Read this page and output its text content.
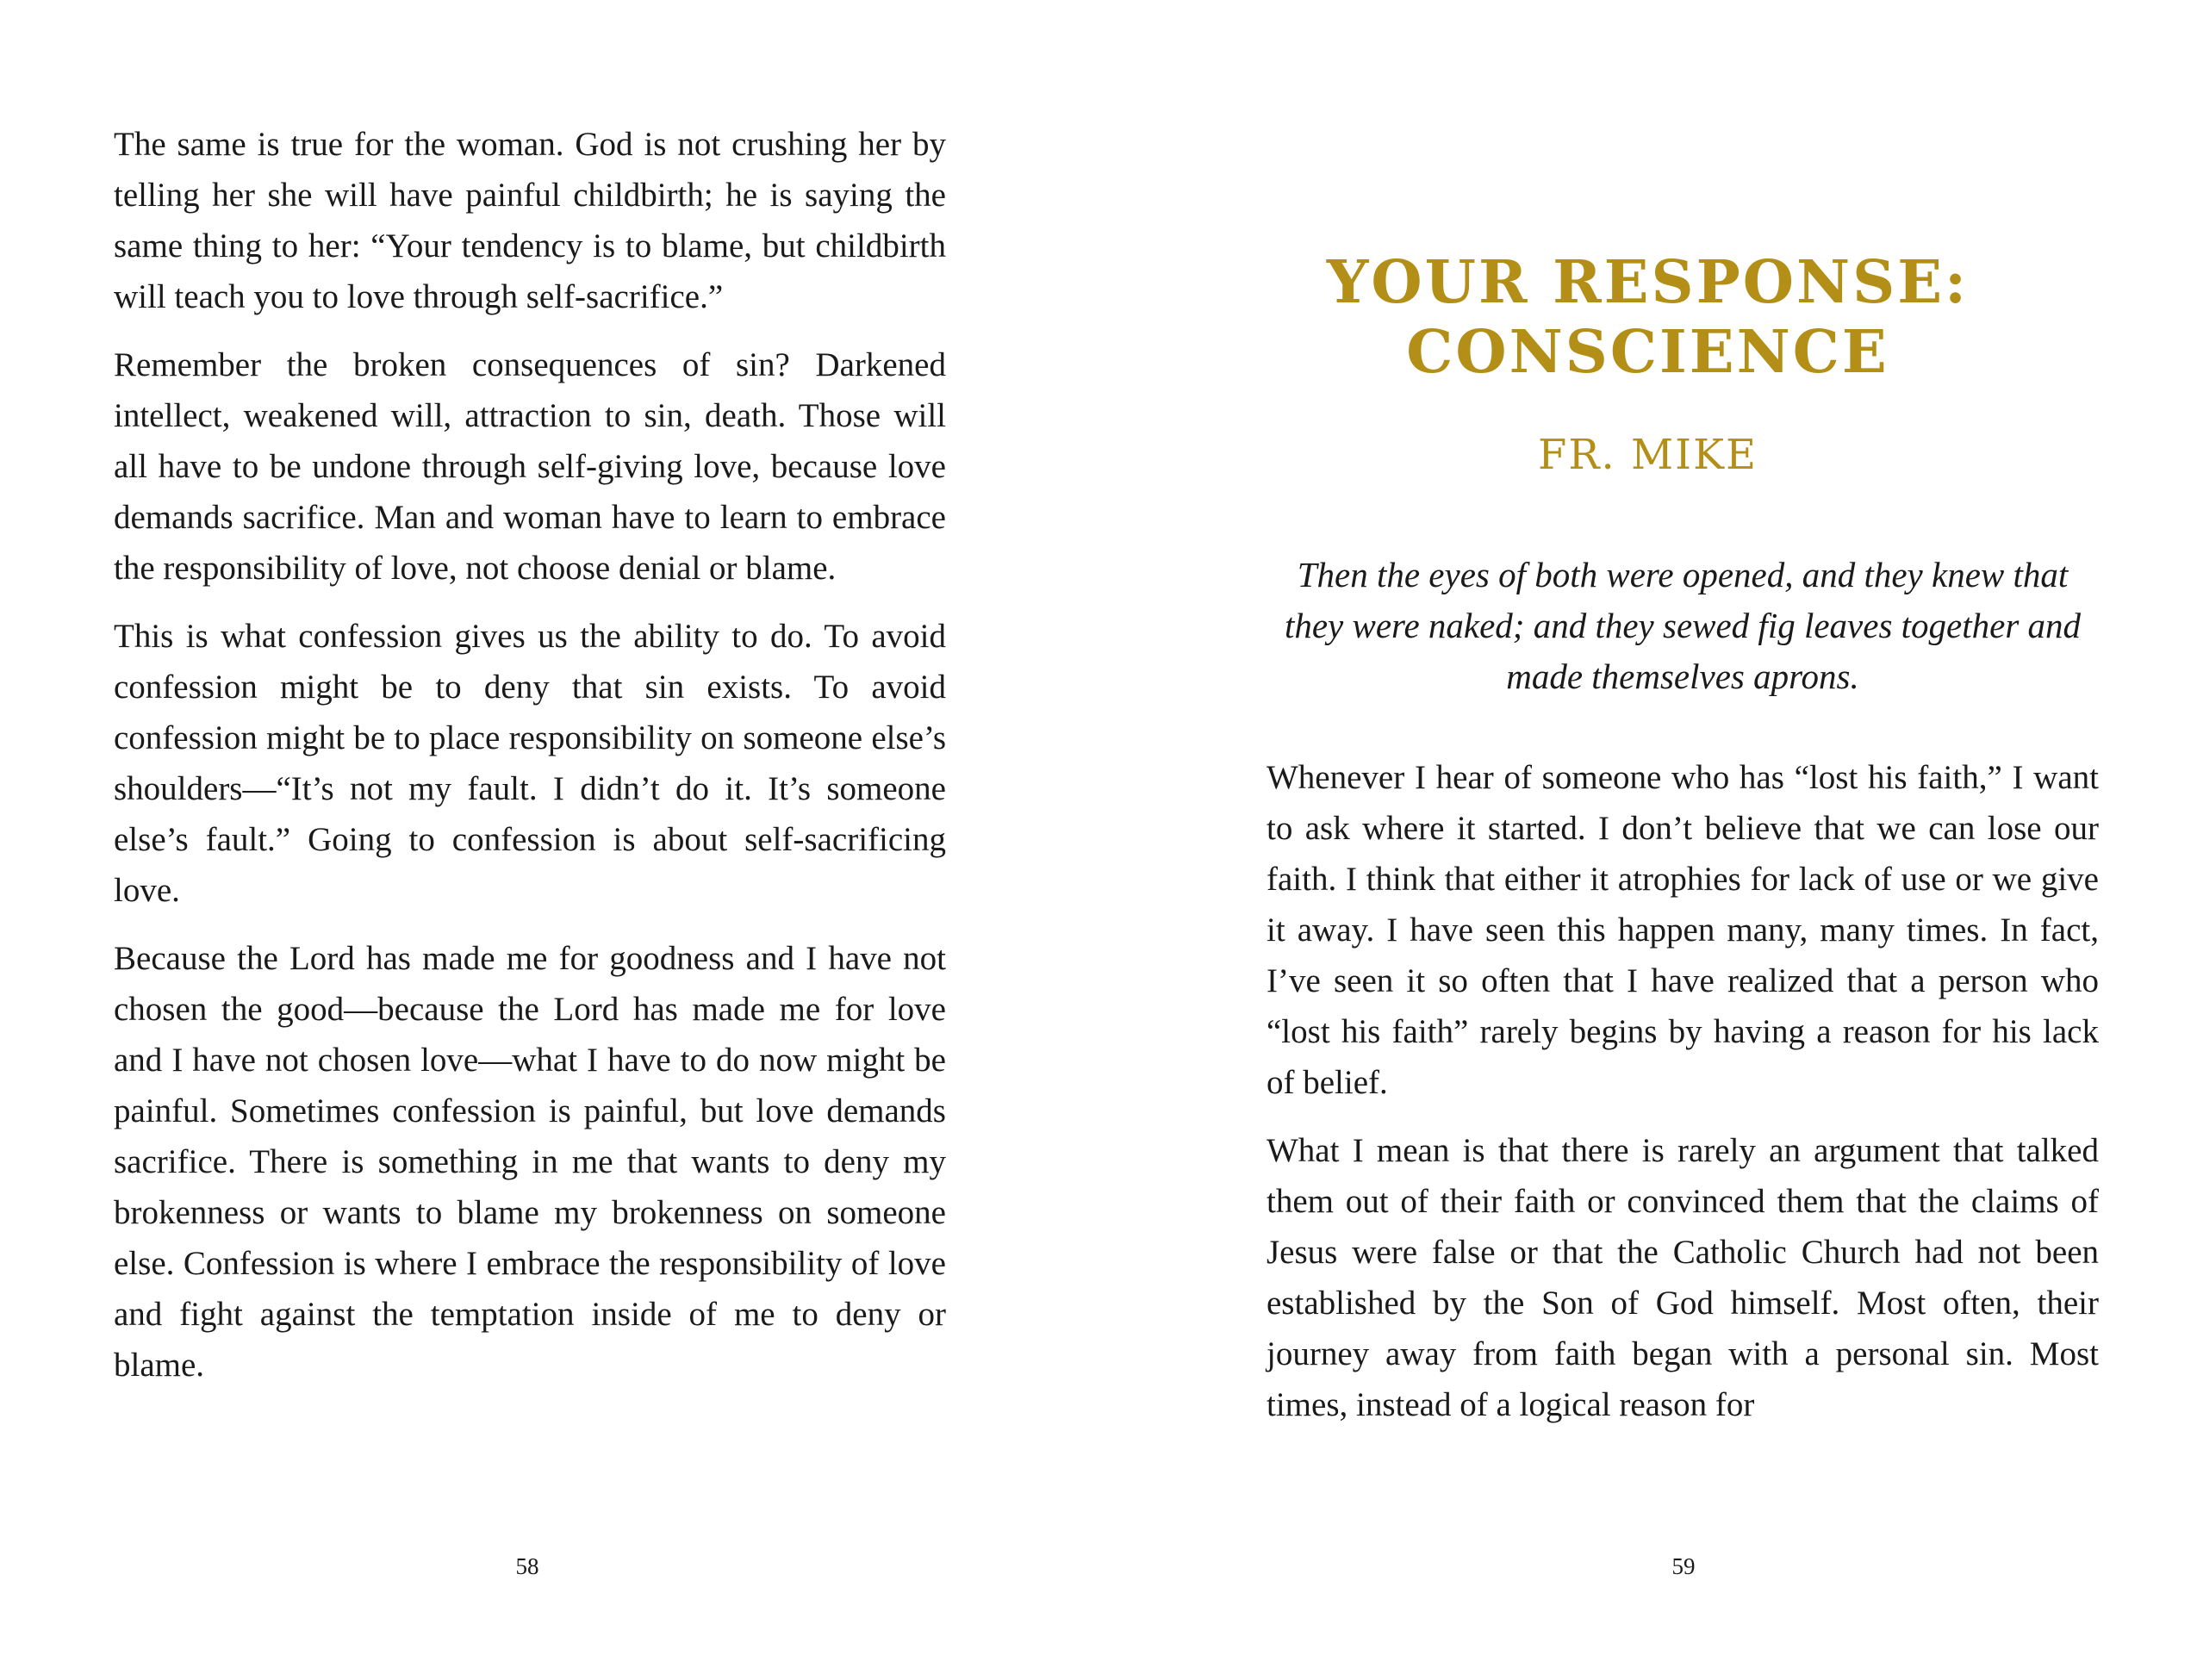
The same is true for the woman. God is not crushing her by telling her she will have painful childbirth; he is saying the same thing to her: “Your tendency is to blame, but childbirth will teach you to love through self-sacrifice.”

Remember the broken consequences of sin? Darkened intellect, weakened will, attraction to sin, death. Those will all have to be undone through self-giving love, because love demands sacrifice. Man and woman have to learn to embrace the responsibility of love, not choose denial or blame.

This is what confession gives us the ability to do. To avoid confession might be to deny that sin exists. To avoid confession might be to place responsibility on someone else’s shoulders—“It’s not my fault. I didn’t do it. It’s someone else’s fault.” Going to confession is about self-sacrificing love.

Because the Lord has made me for goodness and I have not chosen the good—because the Lord has made me for love and I have not chosen love—what I have to do now might be painful. Sometimes confession is painful, but love demands sacrifice. There is something in me that wants to deny my brokenness or wants to blame my brokenness on someone else. Confession is where I embrace the responsibility of love and fight against the temptation inside of me to deny or blame.

58
YOUR RESPONSE:
CONSCIENCE
FR. MIKE

Then the eyes of both were opened, and they knew that they were naked; and they sewed fig leaves together and made themselves aprons.

Whenever I hear of someone who has “lost his faith,” I want to ask where it started. I don’t believe that we can lose our faith. I think that either it atrophies for lack of use or we give it away. I have seen this happen many, many times. In fact, I’ve seen it so often that I have realized that a person who “lost his faith” rarely begins by having a reason for his lack of belief.

What I mean is that there is rarely an argument that talked them out of their faith or convinced them that the claims of Jesus were false or that the Catholic Church had not been established by the Son of God himself. Most often, their journey away from faith began with a personal sin. Most times, instead of a logical reason for

59
